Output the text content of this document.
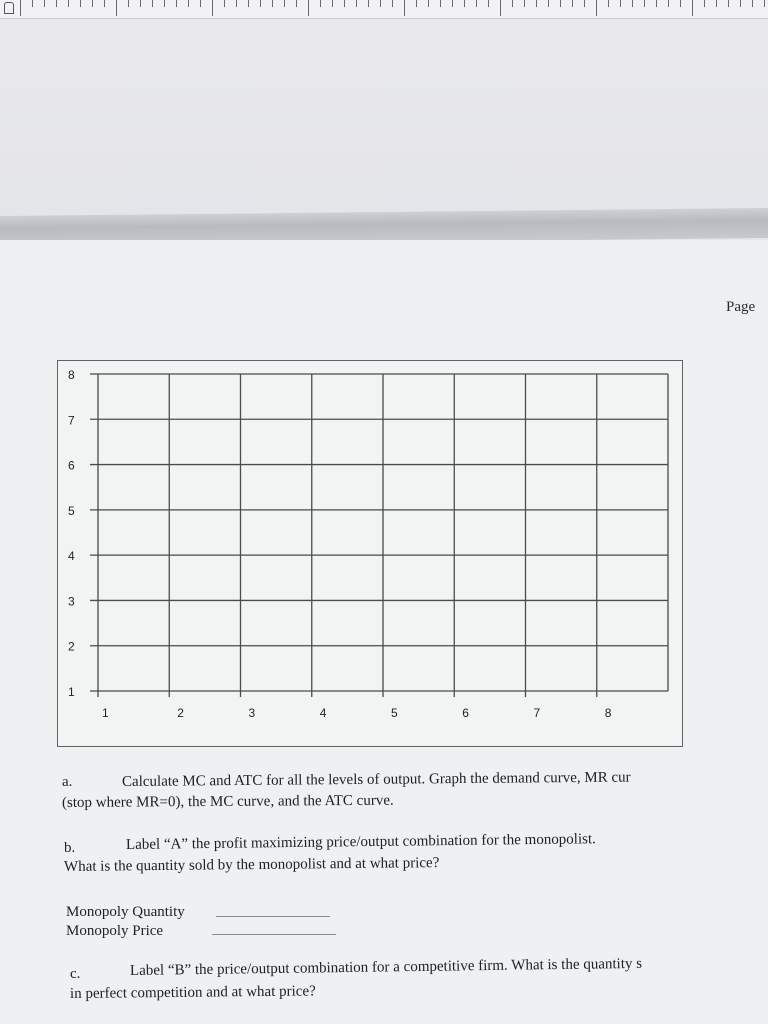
Page
1
2
3
4
5
6
7
8
1	2	3	4	5	6	7	8
a.	Calculate MC and ATC for all the levels of output. Graph the demand curve, MR cur
(stop where MR=0), the MC curve, and the ATC curve.
b.	Label “A” the profit maximizing price/output combination for the monopolist.
What is the quantity sold by the monopolist and at what price?
Monopoly Quantity
Monopoly Price
c.	Label “B” the price/output combination for a competitive firm. What is the quantity s
in perfect competition and at what price?
